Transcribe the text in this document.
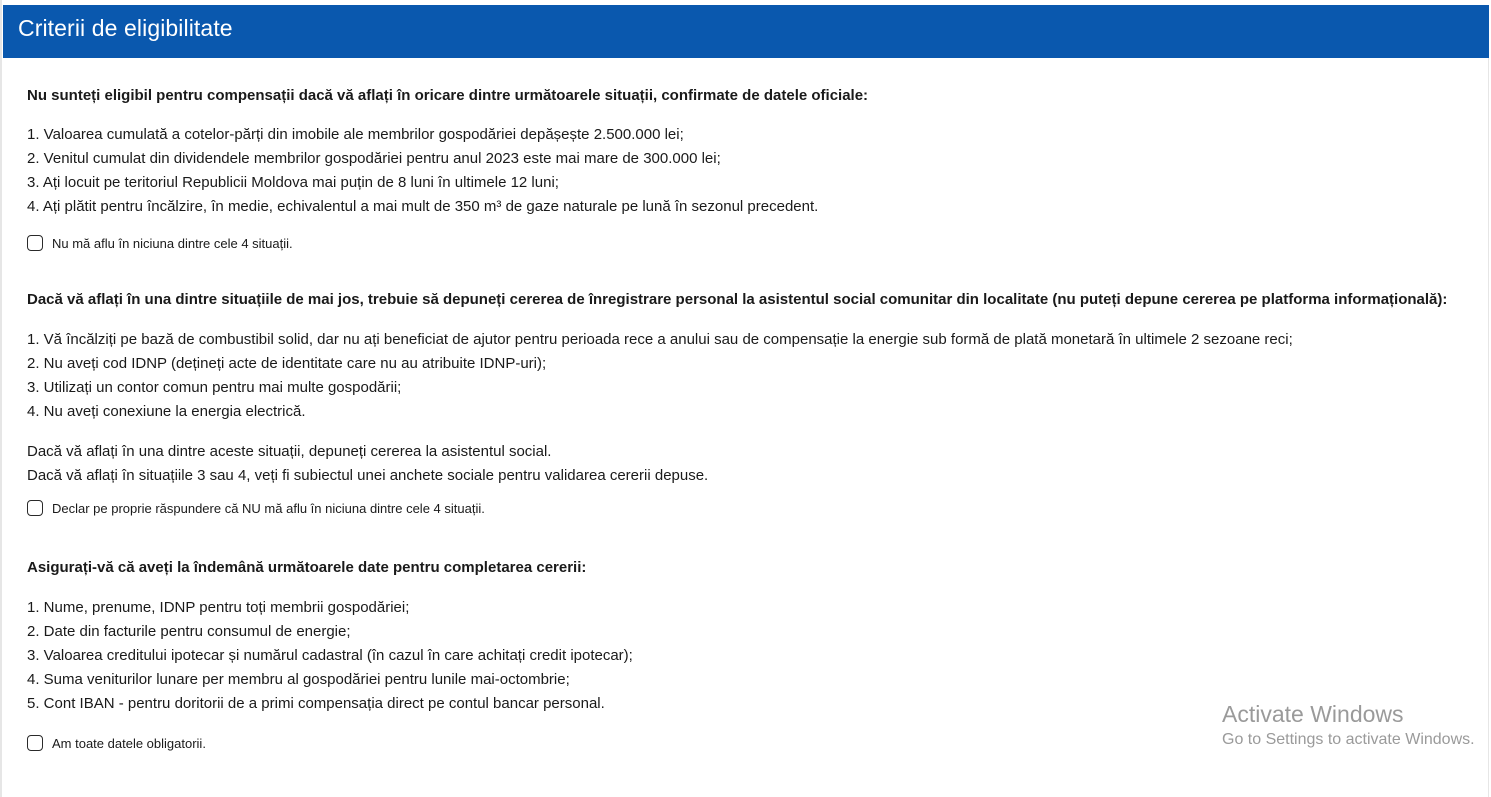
Criterii de eligibilitate

Nu sunteți eligibil pentru compensații dacă vă aflați în oricare dintre următoarele situații, confirmate de datele oficiale:

1. Valoarea cumulată a cotelor-părți din imobile ale membrilor gospodăriei depășește 2.500.000 lei;
2. Venitul cumulat din dividendele membrilor gospodăriei pentru anul 2023 este mai mare de 300.000 lei;
3. Ați locuit pe teritoriul Republicii Moldova mai puțin de 8 luni în ultimele 12 luni;
4. Ați plătit pentru încălzire, în medie, echivalentul a mai mult de 350 m³ de gaze naturale pe lună în sezonul precedent.
Nu mă aflu în niciuna dintre cele 4 situații.

Dacă vă aflați în una dintre situațiile de mai jos, trebuie să depuneți cererea de înregistrare personal la asistentul social comunitar din localitate (nu puteți depune cererea pe platforma informațională):

1. Vă încălziți pe bază de combustibil solid, dar nu ați beneficiat de ajutor pentru perioada rece a anului sau de compensație la energie sub formă de plată monetară în ultimele 2 sezoane reci;
2. Nu aveți cod IDNP (dețineți acte de identitate care nu au atribuite IDNP-uri);
3. Utilizați un contor comun pentru mai multe gospodării;
4. Nu aveți conexiune la energia electrică.

Dacă vă aflați în una dintre aceste situații, depuneți cererea la asistentul social.

Dacă vă aflați în situațiile 3 sau 4, veți fi subiectul unei anchete sociale pentru validarea cererii depuse.

Declar pe proprie răspundere că NU mă aflu în niciuna dintre cele 4 situații.

Asigurați-vă că aveți la îndemână următoarele date pentru completarea cererii:

1. Nume, prenume, IDNP pentru toți membrii gospodăriei;
2. Date din facturile pentru consumul de energie;
3. Valoarea creditului ipotecar și numărul cadastral (în cazul în care achitați credit ipotecar);
4. Suma veniturilor lunare per membru al gospodăriei pentru lunile mai-octombrie;
5. Cont IBAN - pentru doritorii de a primi compensația direct pe contul bancar personal.
Am toate datele obligatorii.
Activate Windows
Go to Settings to activate Windows.
